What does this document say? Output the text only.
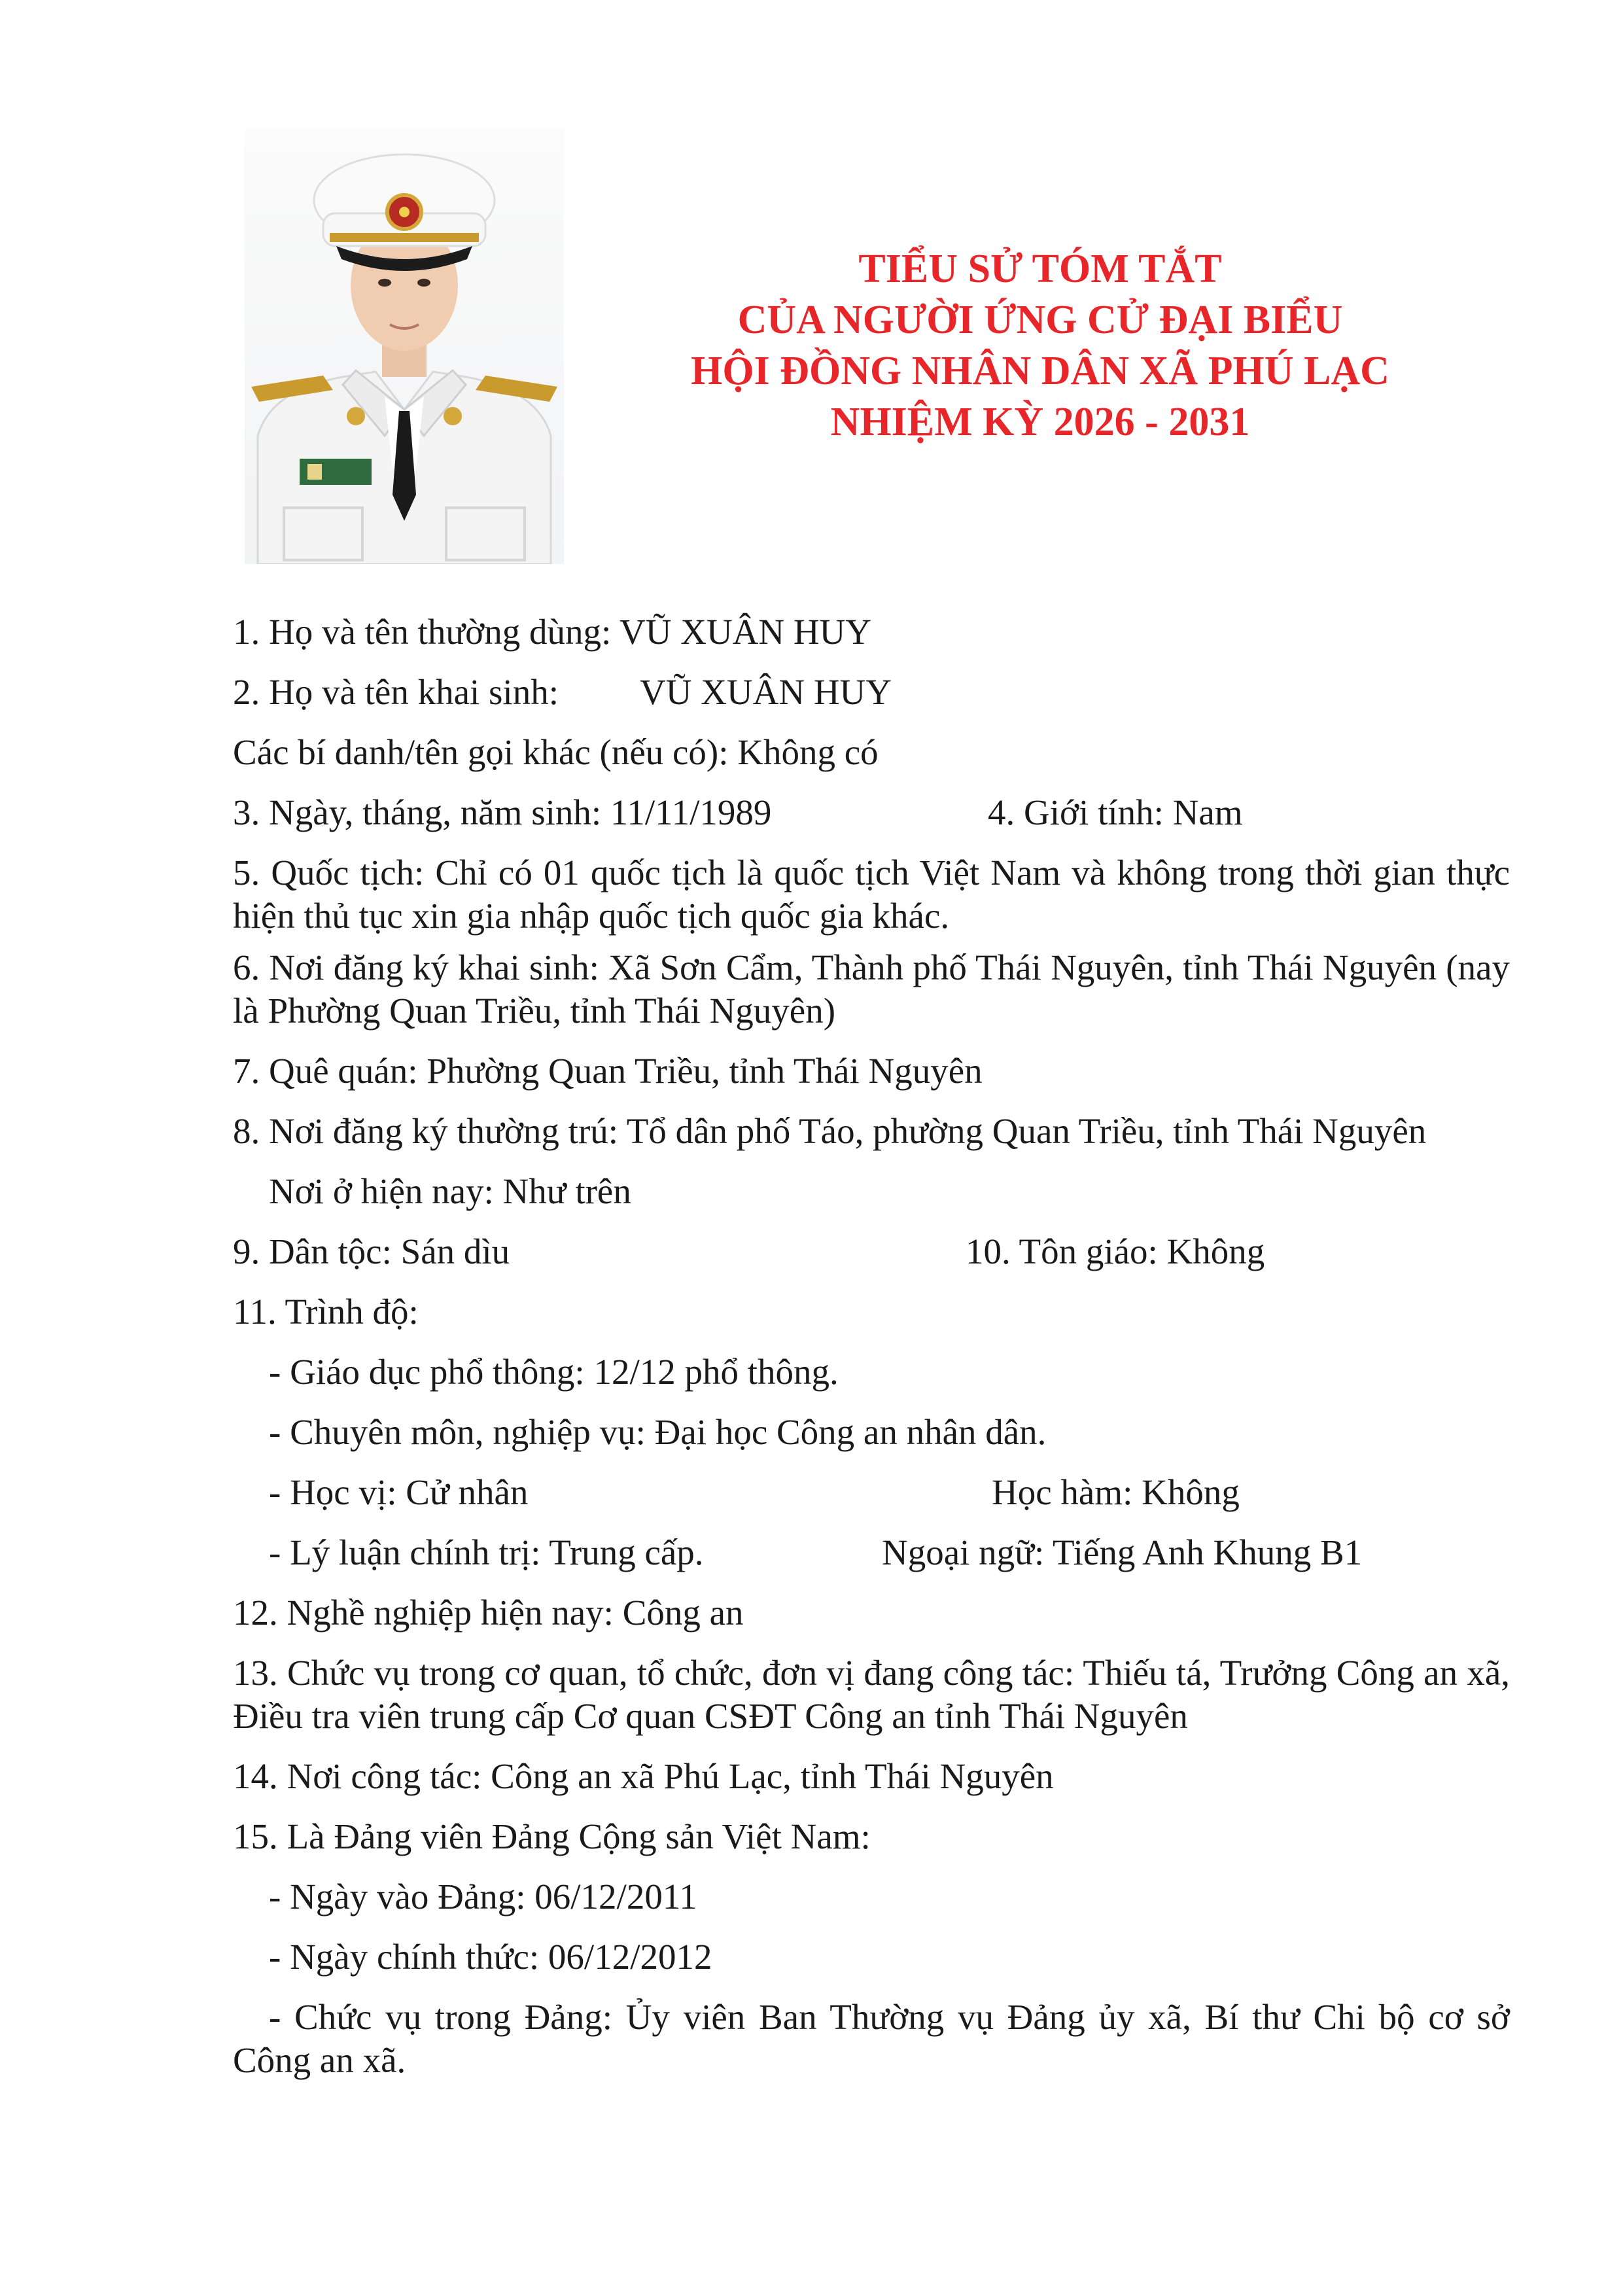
TIỂU SỬ TÓM TẮT
CỦA NGƯỜI ỨNG CỬ ĐẠI BIỂU
HỘI ĐỒNG NHÂN DÂN XÃ PHÚ LẠC
NHIỆM KỲ 2026 - 2031
1. Họ và tên thường dùng: VŨ XUÂN HUY
2. Họ và tên khai sinh: VŨ XUÂN HUY
Các bí danh/tên gọi khác (nếu có): Không có
3. Ngày, tháng, năm sinh: 11/11/1989	4. Giới tính: Nam
5. Quốc tịch: Chỉ có 01 quốc tịch là quốc tịch Việt Nam và không trong thời gian thực hiện thủ tục xin gia nhập quốc tịch quốc gia khác.
6. Nơi đăng ký khai sinh: Xã Sơn Cẩm, Thành phố Thái Nguyên, tỉnh Thái Nguyên (nay là Phường Quan Triều, tỉnh Thái Nguyên)
7. Quê quán: Phường Quan Triều, tỉnh Thái Nguyên
8. Nơi đăng ký thường trú: Tổ dân phố Táo, phường Quan Triều, tỉnh Thái Nguyên
Nơi ở hiện nay: Như trên
9. Dân tộc: Sán dìu	10. Tôn giáo: Không
11. Trình độ:
- Giáo dục phổ thông: 12/12 phổ thông.
- Chuyên môn, nghiệp vụ: Đại học Công an nhân dân.
- Học vị: Cử nhân	Học hàm: Không
- Lý luận chính trị: Trung cấp.	Ngoại ngữ: Tiếng Anh Khung B1
12. Nghề nghiệp hiện nay: Công an
13. Chức vụ trong cơ quan, tổ chức, đơn vị đang công tác: Thiếu tá, Trưởng Công an xã, Điều tra viên trung cấp Cơ quan CSĐT Công an tỉnh Thái Nguyên
14. Nơi công tác: Công an xã Phú Lạc, tỉnh Thái Nguyên
15. Là Đảng viên Đảng Cộng sản Việt Nam:
- Ngày vào Đảng: 06/12/2011
- Ngày chính thức: 06/12/2012
- Chức vụ trong Đảng: Ủy viên Ban Thường vụ Đảng ủy xã, Bí thư Chi bộ cơ sở Công an xã.
